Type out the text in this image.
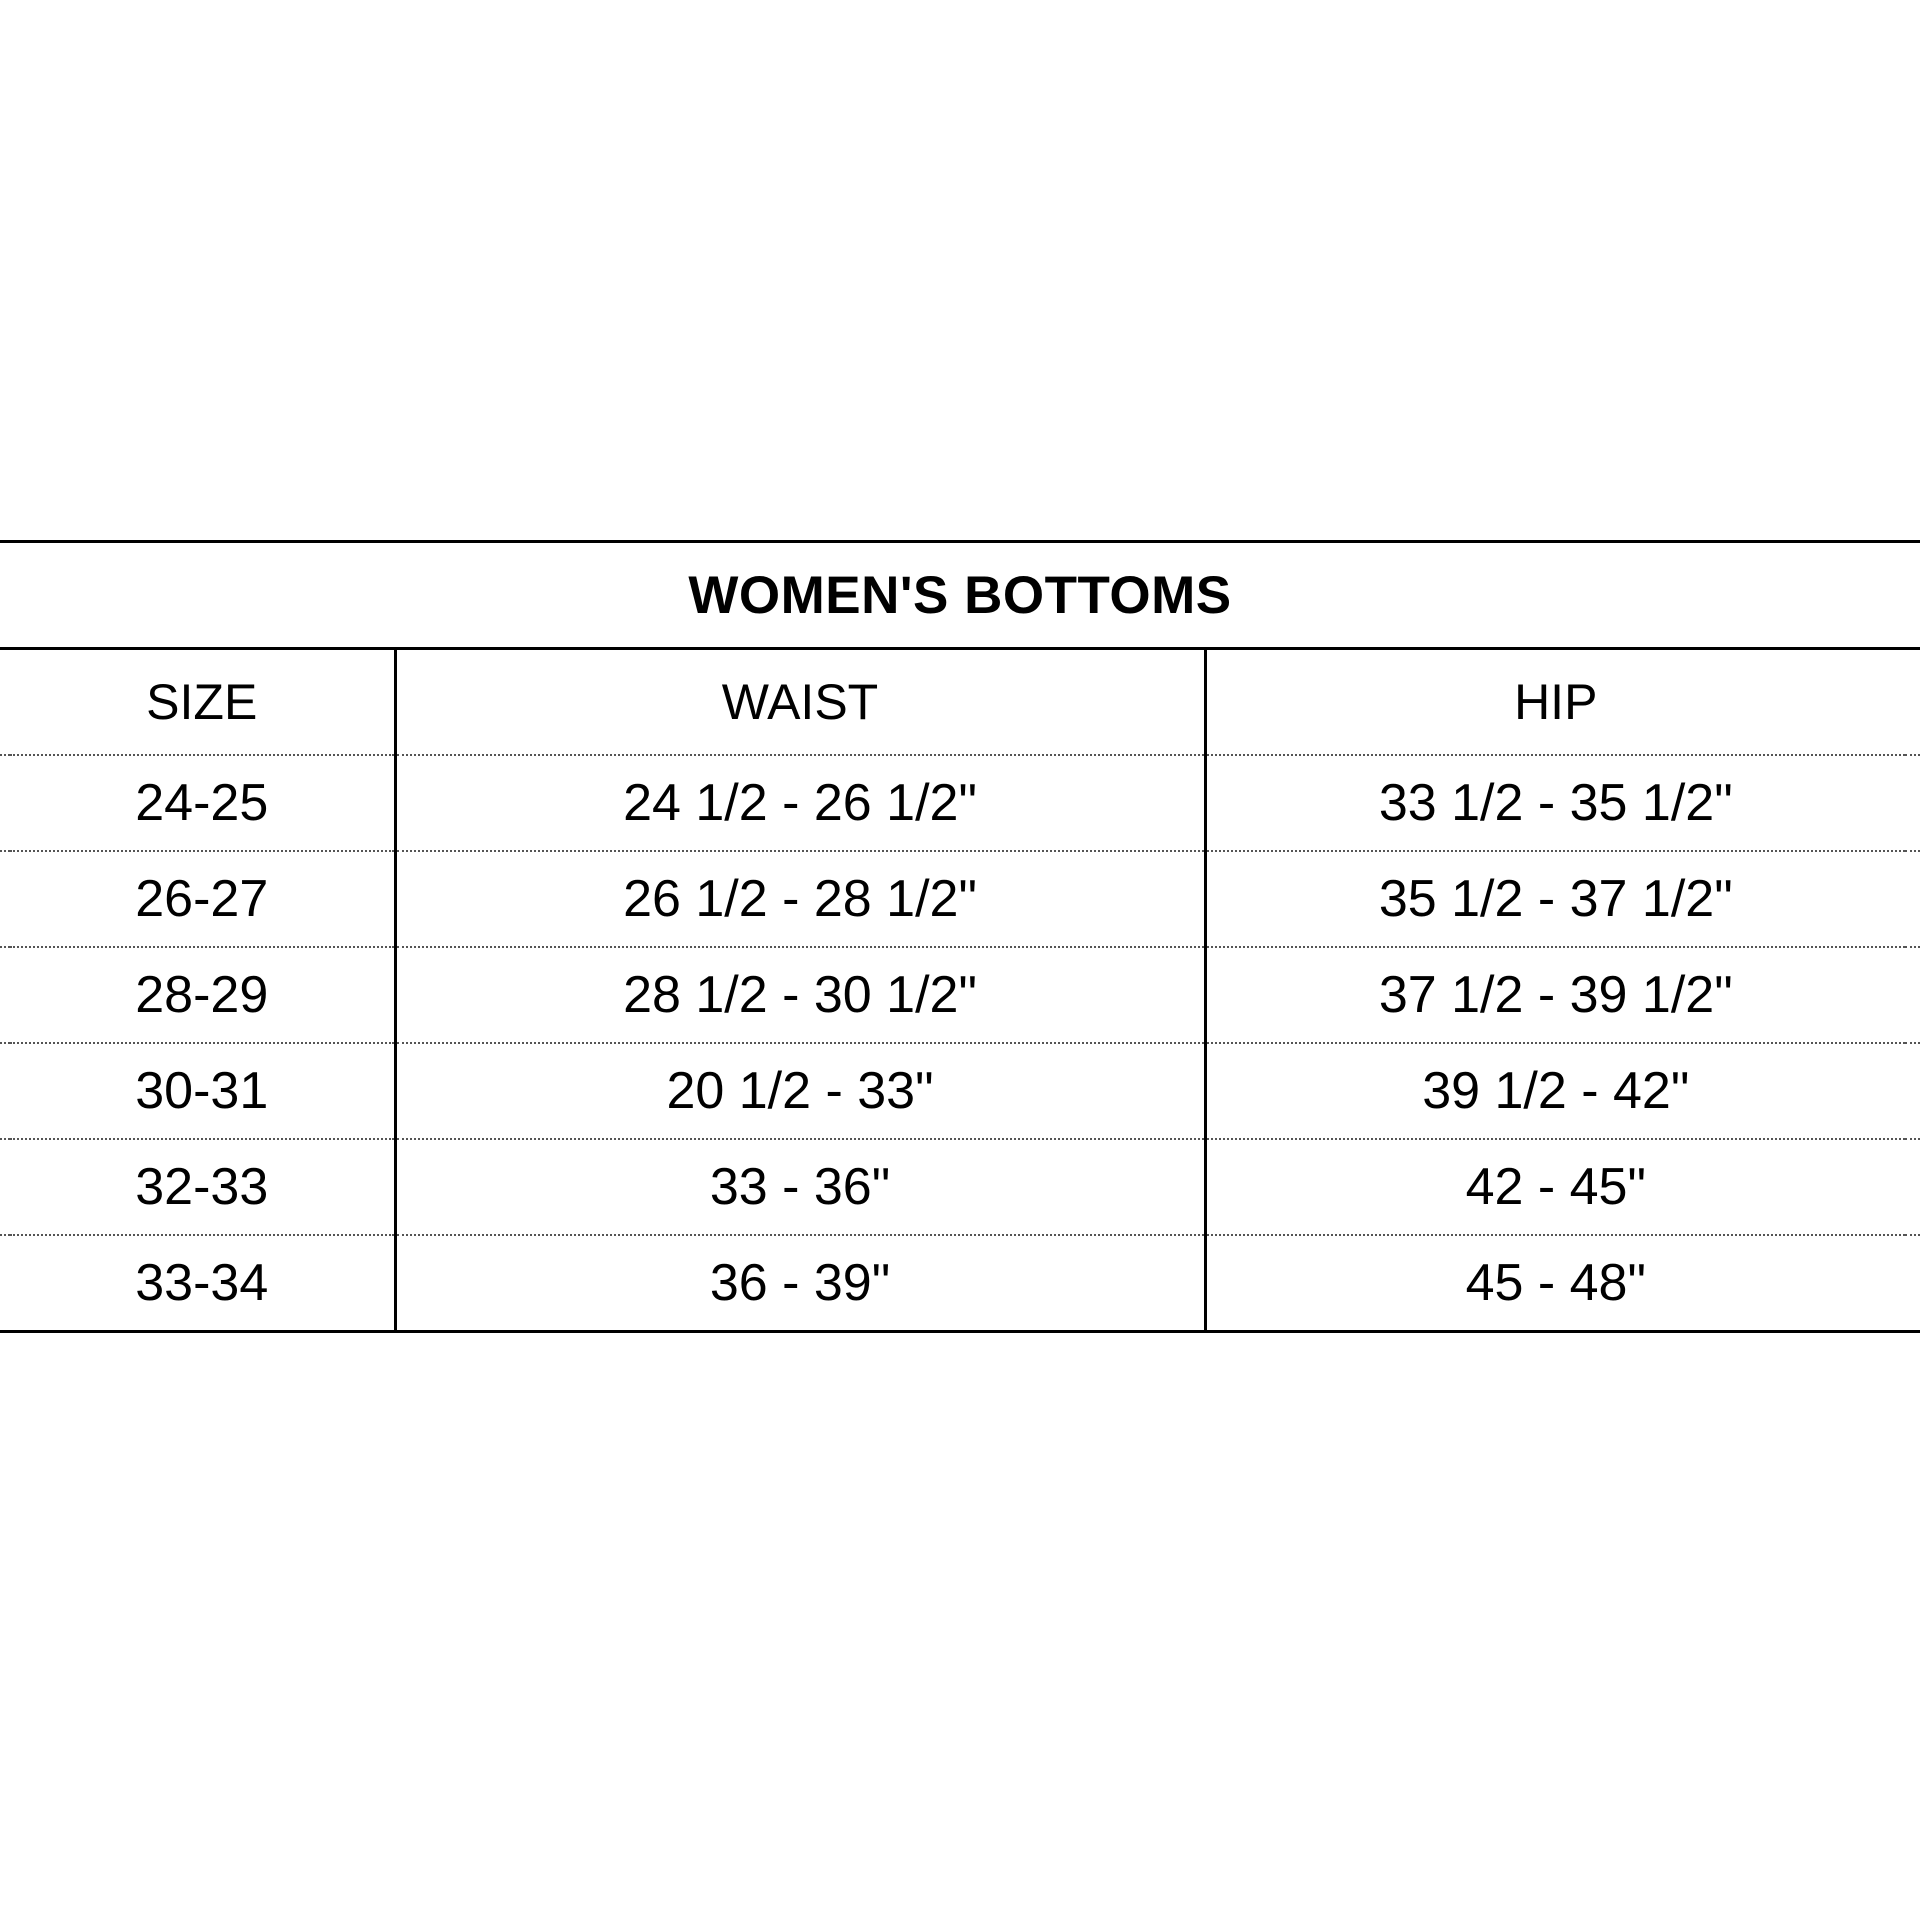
WOMEN'S BOTTOMS				
	SIZE	WAIST	HIP	
	24-25	24 1/2 - 26 1/2"	33 1/2 - 35 1/2"	
	26-27	26 1/2 - 28 1/2"	35 1/2 - 37 1/2"	
	28-29	28 1/2 - 30 1/2"	37 1/2 - 39 1/2"	
	30-31	20 1/2 - 33"	39 1/2 - 42"	
	32-33	33 - 36"	42 - 45"	
	33-34	36 - 39"	45 - 48"	
